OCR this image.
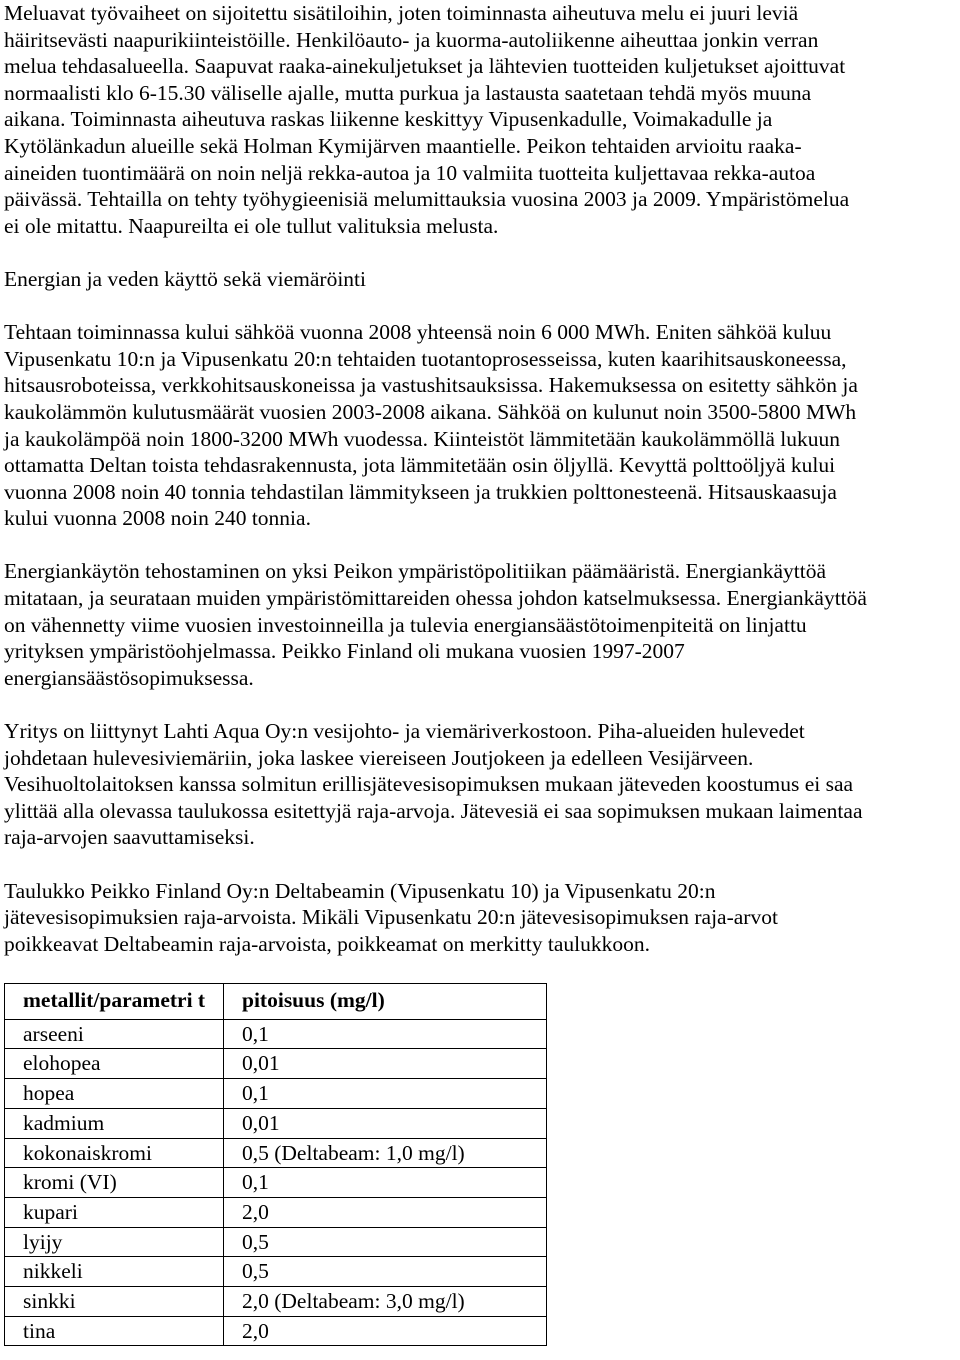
Meluavat työvaiheet on sijoitettu sisätiloihin, joten toiminnasta aiheutuva melu ei juuri leviä
häiritsevästi naapurikiinteistöille. Henkilöauto- ja kuorma-autoliikenne aiheuttaa jonkin verran
melua tehdasalueella. Saapuvat raaka-ainekuljetukset ja lähtevien tuotteiden kuljetukset ajoittuvat
normaalisti klo 6-15.30 väliselle ajalle, mutta purkua ja lastausta saatetaan tehdä myös muuna
aikana. Toiminnasta aiheutuva raskas liikenne keskittyy Vipusenkadulle, Voimakadulle ja
Kytölänkadun alueille sekä Holman Kymijärven maantielle. Peikon tehtaiden arvioitu raaka-
aineiden tuontimäärä on noin neljä rekka-autoa ja 10 valmiita tuotteita kuljettavaa rekka-autoa
päivässä. Tehtailla on tehty työhygieenisiä melumittauksia vuosina 2003 ja 2009. Ympäristömelua
ei ole mitattu. Naapureilta ei ole tullut valituksia melusta.
Energian ja veden käyttö sekä viemäröinti
Tehtaan toiminnassa kului sähköä vuonna 2008 yhteensä noin 6 000 MWh. Eniten sähköä kuluu
Vipusenkatu 10:n ja Vipusenkatu 20:n tehtaiden tuotantoprosesseissa, kuten kaarihitsauskoneessa,
hitsausroboteissa, verkkohitsauskoneissa ja vastushitsauksissa. Hakemuksessa on esitetty sähkön ja
kaukolämmön kulutusmäärät vuosien 2003-2008 aikana. Sähköä on kulunut noin 3500-5800 MWh
ja kaukolämpöä noin 1800-3200 MWh vuodessa. Kiinteistöt lämmitetään kaukolämmöllä lukuun
ottamatta Deltan toista tehdasrakennusta, jota lämmitetään osin öljyllä. Kevyttä polttoöljyä kului
vuonna 2008 noin 40 tonnia tehdastilan lämmitykseen ja trukkien polttonesteenä. Hitsauskaasuja
kului vuonna 2008 noin 240 tonnia.
Energiankäytön tehostaminen on yksi Peikon ympäristöpolitiikan päämääristä. Energiankäyttöä
mitataan, ja seurataan muiden ympäristömittareiden ohessa johdon katselmuksessa. Energiankäyttöä
on vähennetty viime vuosien investoinneilla ja tulevia energiansäästötoimenpiteitä on linjattu
yrityksen ympäristöohjelmassa. Peikko Finland oli mukana vuosien 1997-2007
energiansäästösopimuksessa.
Yritys on liittynyt Lahti Aqua Oy:n vesijohto- ja viemäriverkostoon. Piha-alueiden hulevedet
johdetaan hulevesiviemäriin, joka laskee viereiseen Joutjokeen ja edelleen Vesijärveen.
Vesihuoltolaitoksen kanssa solmitun erillisjätevesisopimuksen mukaan jäteveden koostumus ei saa
ylittää alla olevassa taulukossa esitettyjä raja-arvoja. Jätevesiä ei saa sopimuksen mukaan laimentaa
raja-arvojen saavuttamiseksi.
Taulukko Peikko Finland Oy:n Deltabeamin (Vipusenkatu 10) ja Vipusenkatu 20:n
jätevesisopimuksien raja-arvoista. Mikäli Vipusenkatu 20:n jätevesisopimuksen raja-arvot
poikkeavat Deltabeamin raja-arvoista, poikkeamat on merkitty taulukkoon.
metallit/parametri t	pitoisuus (mg/l)
arseeni	0,1
elohopea	0,01
hopea	0,1
kadmium	0,01
kokonaiskromi	0,5 (Deltabeam: 1,0 mg/l)
kromi (VI)	0,1
kupari	2,0
lyijy	0,5
nikkeli	0,5
sinkki	2,0 (Deltabeam: 3,0 mg/l)
tina	2,0
